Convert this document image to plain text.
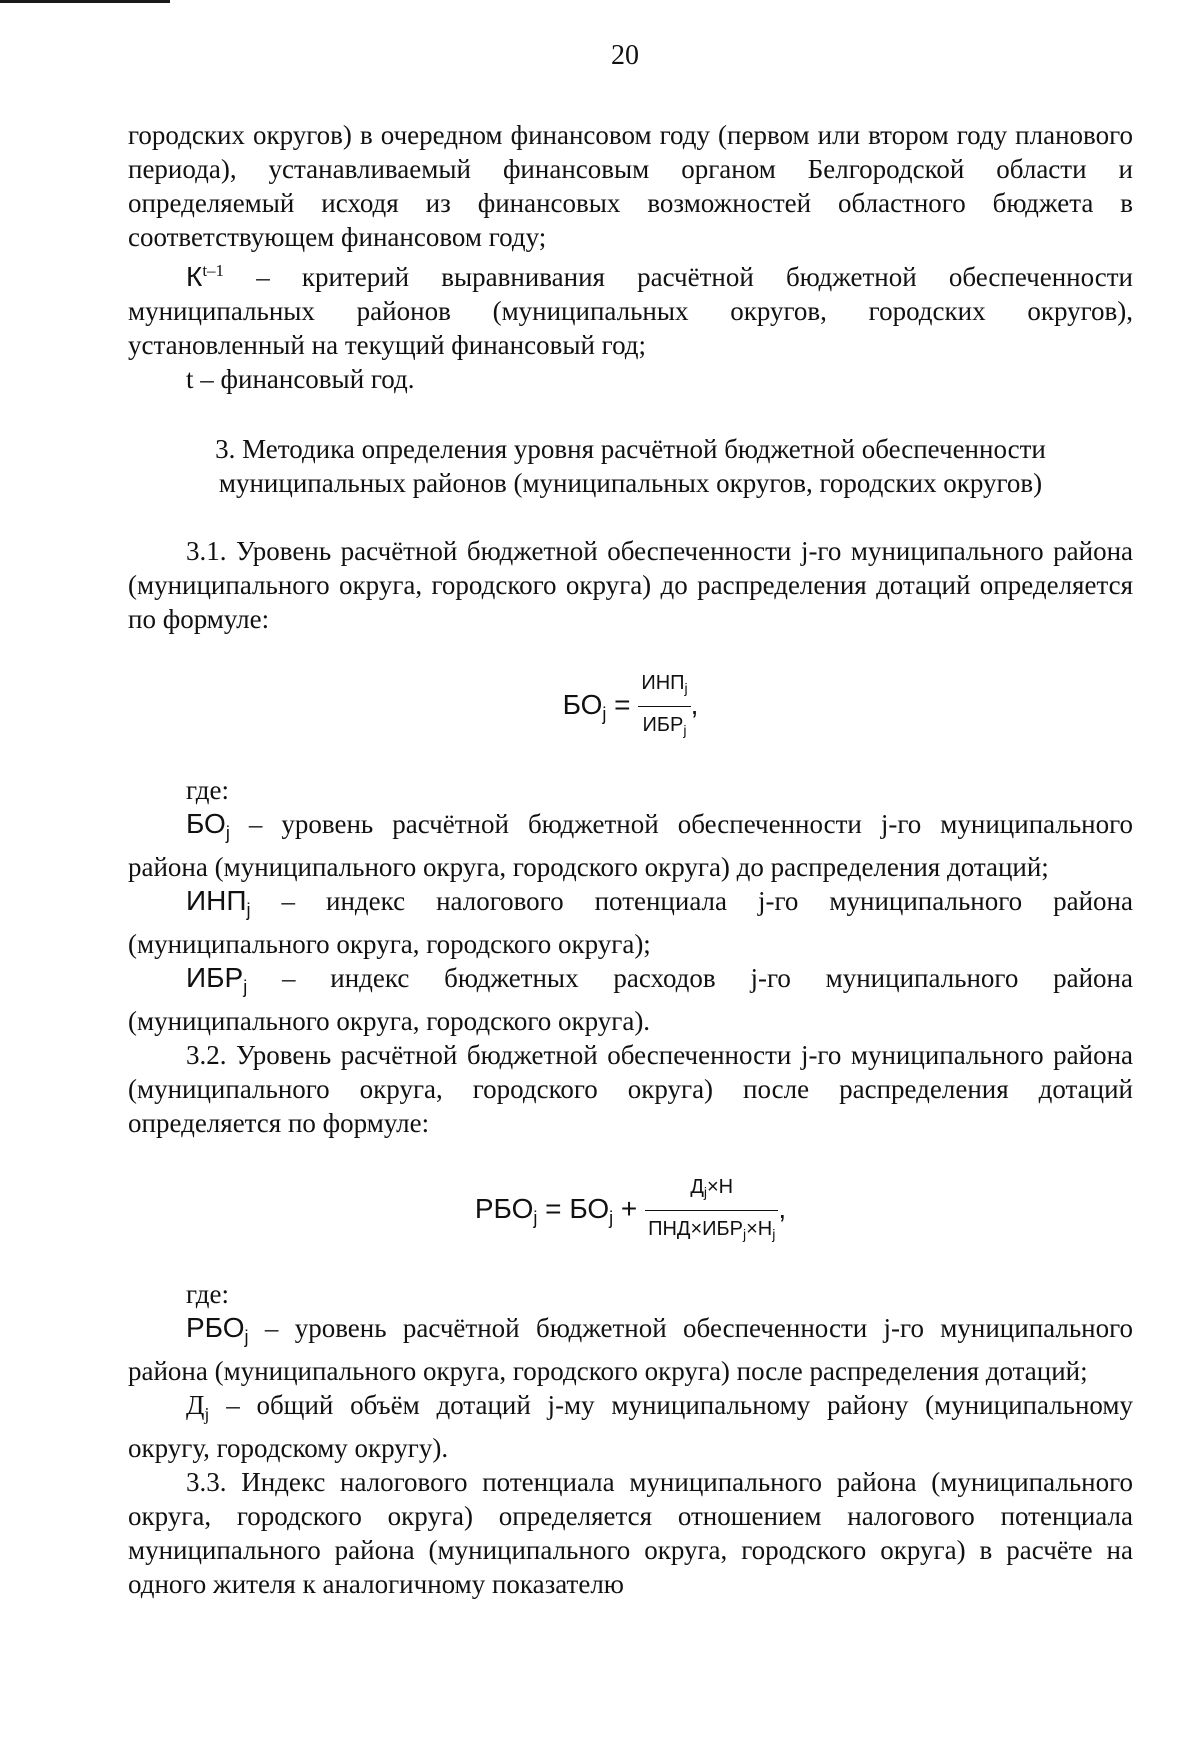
20

городских округов) в очередном финансовом году (первом или втором году планового периода), устанавливаемый финансовым органом Белгородской области и определяемый исходя из финансовых возможностей областного бюджета в соответствующем финансовом году;

$К^{t-1}$ – критерий выравнивания расчётной бюджетной обеспеченности муниципальных районов (муниципальных округов, городских округов), установленный на текущий финансовый год;

t – финансовый год.

3. Методика определения уровня расчётной бюджетной обеспеченности
муниципальных районов (муниципальных округов, городских округов)

3.1. Уровень расчётной бюджетной обеспеченности j-го муниципального района (муниципального округа, городского округа) до распределения дотаций определяется по формуле:

$БО_j = \frac{ИНП_j}{ИБР_j}$ ,

где:

$БО_j$ – уровень расчётной бюджетной обеспеченности j-го муниципального района (муниципального округа, городского округа) до распределения дотаций;

$ИНП_j$ – индекс налогового потенциала j-го муниципального района (муниципального округа, городского округа);

$ИБР_j$ – индекс бюджетных расходов j-го муниципального района (муниципального округа, городского округа).

3.2. Уровень расчётной бюджетной обеспеченности j-го муниципального района (муниципального округа, городского округа) после распределения дотаций определяется по формуле:

$РБО_j = БО_j + \frac{Д_j\times Н}{ПНД\times ИБР_j\times Н_j}$ ,

где:

$РБО_j$ – уровень расчётной бюджетной обеспеченности j-го муниципального района (муниципального округа, городского округа) после распределения дотаций;

$Д_j$ – общий объём дотаций j-му муниципальному району (муниципальному округу, городскому округу).

3.3. Индекс налогового потенциала муниципального района (муниципального округа, городского округа) определяется отношением налогового потенциала муниципального района (муниципального округа, городского округа) в расчёте на одного жителя к аналогичному показателю
